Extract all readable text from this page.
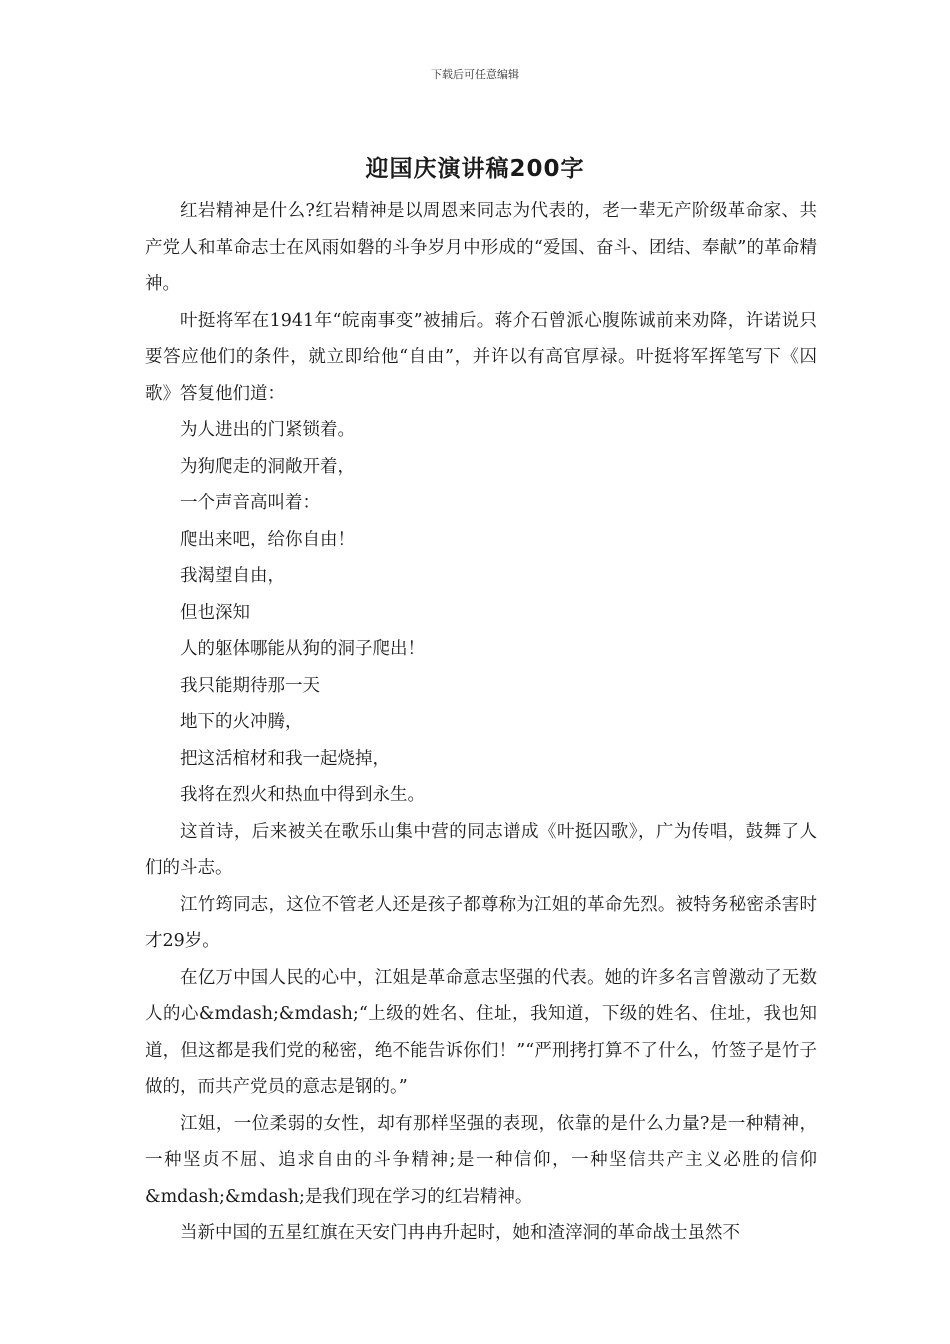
下载后可任意编辑
迎国庆演讲稿200字

红岩精神是什么?红岩精神是以周恩来同志为代表的，老一辈无产阶级革命家、共产党人和革命志士在风雨如磐的斗争岁月中形成的“爱国、奋斗、团结、奉献”的革命精神。

叶挺将军在1941年“皖南事变”被捕后。蒋介石曾派心腹陈诚前来劝降，许诺说只要答应他们的条件，就立即给他“自由”，并许以有高官厚禄。叶挺将军挥笔写下《囚歌》答复他们道：

为人进出的门紧锁着。

为狗爬走的洞敞开着，

一个声音高叫着：

爬出来吧，给你自由！

我渴望自由，

但也深知

人的躯体哪能从狗的洞子爬出！

我只能期待那一天

地下的火冲腾，

把这活棺材和我一起烧掉，

我将在烈火和热血中得到永生。

这首诗，后来被关在歌乐山集中营的同志谱成《叶挺囚歌》，广为传唱，鼓舞了人们的斗志。

江竹筠同志，这位不管老人还是孩子都尊称为江姐的革命先烈。被特务秘密杀害时才29岁。

在亿万中国人民的心中，江姐是革命意志坚强的代表。她的许多名言曾激动了无数人的心&mdash;&mdash;“上级的姓名、住址，我知道，下级的姓名、住址，我也知道，但这都是我们党的秘密，绝不能告诉你们！”“严刑拷打算不了什么，竹签子是竹子做的，而共产党员的意志是钢的。”

江姐，一位柔弱的女性，却有那样坚强的表现，依靠的是什么力量?是一种精神，一种坚贞不屈、追求自由的斗争精神;是一种信仰，一种坚信共产主义必胜的信仰&mdash;&mdash;是我们现在学习的红岩精神。

当新中国的五星红旗在天安门冉冉升起时，她和渣滓洞的革命战士虽然不
